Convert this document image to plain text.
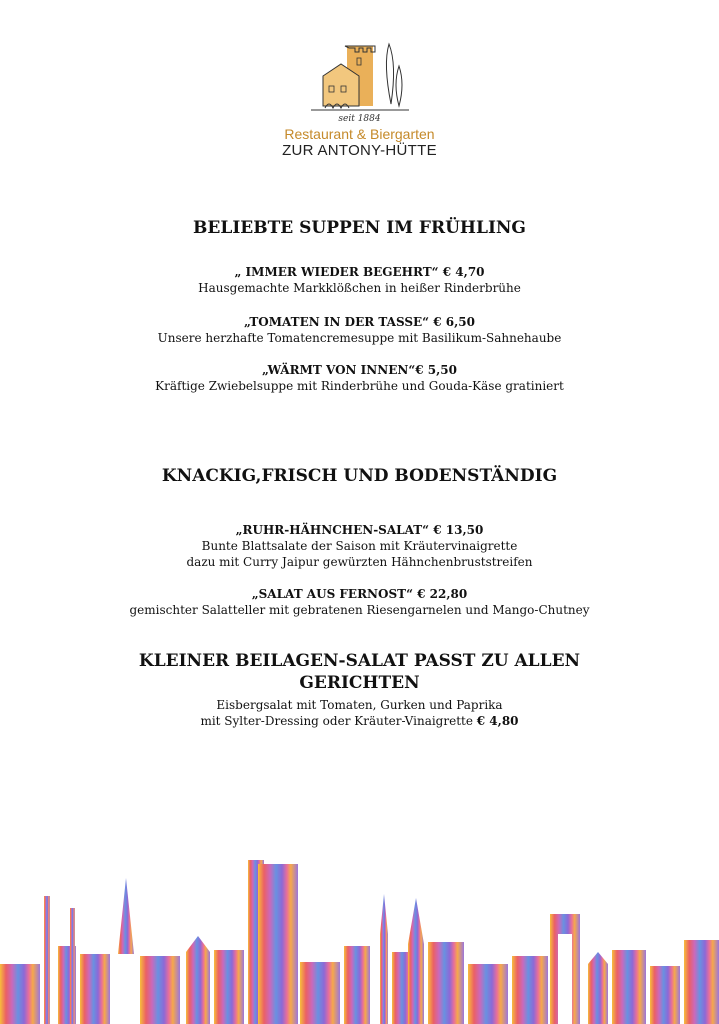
seit 1884
Restaurant & Biergarten
ZUR ANTONY-HÜTTE
BELIEBTE SUPPEN IM FRÜHLING
„ IMMER WIEDER BEGEHRT“ € 4,70
Hausgemachte Markklößchen in heißer Rinderbrühe
„TOMATEN IN DER TASSE“ € 6,50
Unsere herzhafte Tomatencremesuppe mit Basilikum-Sahnehaube
„WÄRMT VON INNEN“€ 5,50
Kräftige Zwiebelsuppe mit Rinderbrühe und Gouda-Käse gratiniert
KNACKIG,FRISCH UND BODENSTÄNDIG
„RUHR-HÄHNCHEN-SALAT“ € 13,50
Bunte Blattsalate der Saison mit Kräutervinaigrette
dazu mit Curry Jaipur gewürzten Hähnchenbruststreifen
„SALAT AUS FERNOST“ € 22,80
gemischter Salatteller mit gebratenen Riesengarnelen und Mango-Chutney
KLEINER BEILAGEN-SALAT PASST ZU ALLEN
GERICHTEN
Eisbergsalat mit Tomaten, Gurken und Paprika
mit Sylter-Dressing oder Kräuter-Vinaigrette € 4,80
